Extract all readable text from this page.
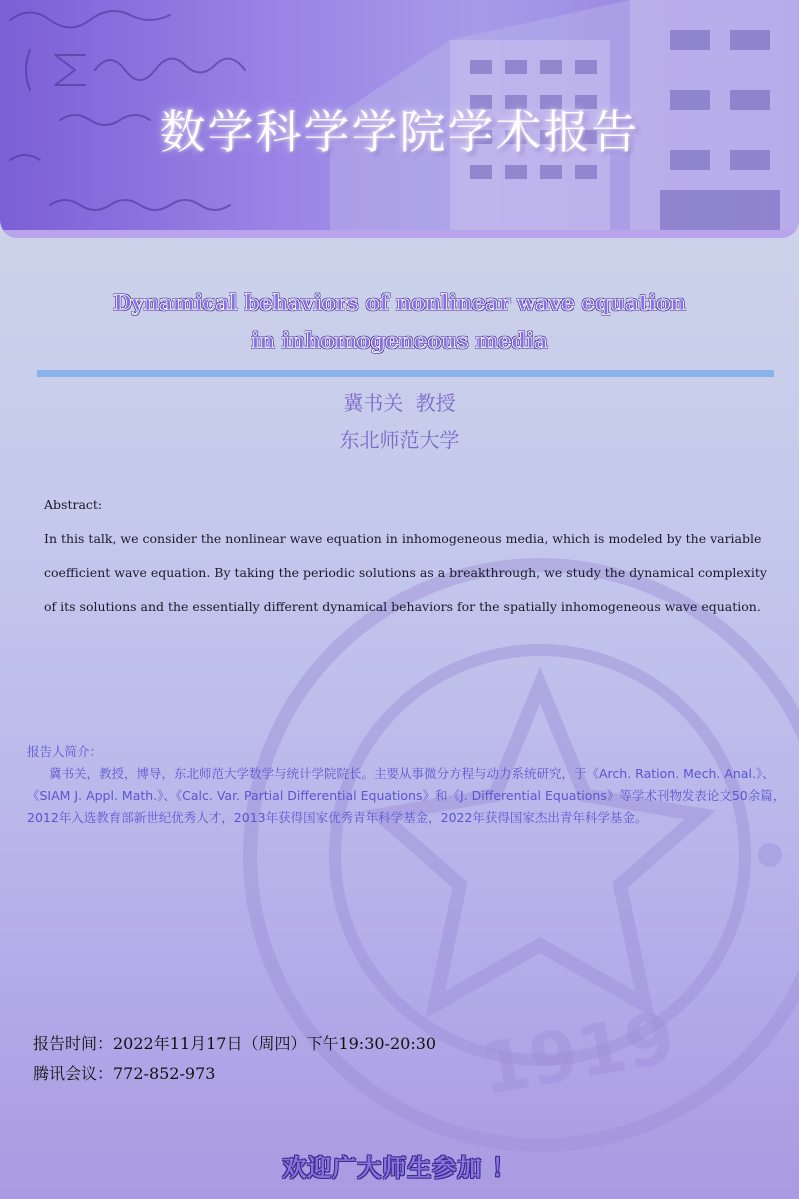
数学科学学院学术报告
1919
Dynamical behaviors of nonlinear wave equation
in inhomogeneous media
冀书关 教授
东北师范大学
Abstract:
In this talk, we consider the nonlinear wave equation in inhomogeneous media, which is modeled by the variable coefficient wave equation. By taking the periodic solutions as a breakthrough, we study the dynamical complexity of its solutions and the essentially different dynamical behaviors for the spatially inhomogeneous wave equation.
报告人简介：

冀书关，教授，博导，东北师范大学数学与统计学院院长。主要从事微分方程与动力系统研究，于《Arch. Ration. Mech. Anal.》、《SIAM J. Appl. Math.》、《Calc. Var. Partial Differential Equations》和《J. Differential Equations》等学术刊物发表论文50余篇，2012年入选教育部新世纪优秀人才，2013年获得国家优秀青年科学基金，2022年获得国家杰出青年科学基金。

报告时间：2022年11月17日（周四）下午19:30-20:30
腾讯会议：772-852-973
欢迎广大师生参加 ！
